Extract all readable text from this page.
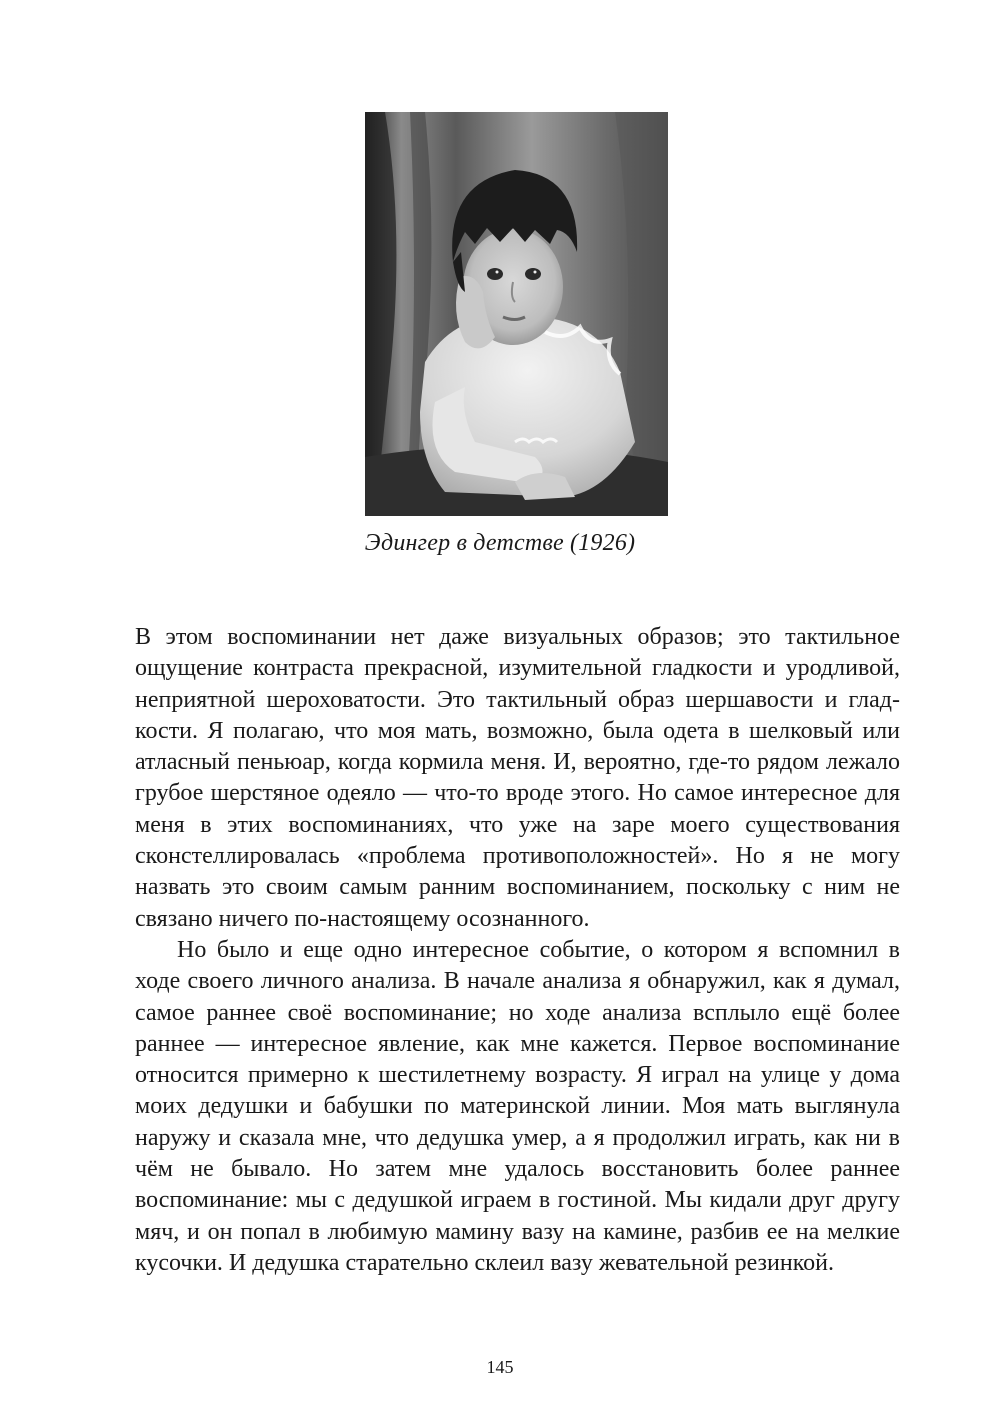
Эдингер в детстве (1926)

В этом воспоминании нет даже визуальных образов; это тактильное ощущение контраста прекрасной, изумительной гладкости и уродливой, неприятной шероховатости. Это тактильный образ шершавости и гладкости. Я полагаю, что моя мать, возможно, была одета в шелковый или атласный пеньюар, когда кормила меня. И, вероятно, где-то рядом лежало грубое шерстяное одеяло — что-то вроде этого. Но самое интересное для меня в этих воспоминаниях, что уже на заре моего существования сконстеллировалась «проблема противоположностей». Но я не могу назвать это своим самым ранним воспоминанием, поскольку с ним не связано ничего по-настоящему осознанного.

Но было и еще одно интересное событие, о котором я вспомнил в ходе своего личного анализа. В начале анализа я обнаружил, как я думал, самое раннее своё воспоминание; но ходе анализа всплыло ещё более раннее — интересное явление, как мне кажется. Первое воспоминание относится примерно к шестилетнему возрасту. Я играл на улице у дома моих дедушки и бабушки по материнской линии. Моя мать выглянула наружу и сказала мне, что дедушка умер, а я продолжил играть, как ни в чём не бывало. Но затем мне удалось восстановить более раннее воспоминание: мы с дедушкой играем в гостиной. Мы кидали друг другу мяч, и он попал в любимую мамину вазу на камине, разбив ее на мелкие кусочки. И дедушка старательно склеил вазу жевательной резинкой.

145
